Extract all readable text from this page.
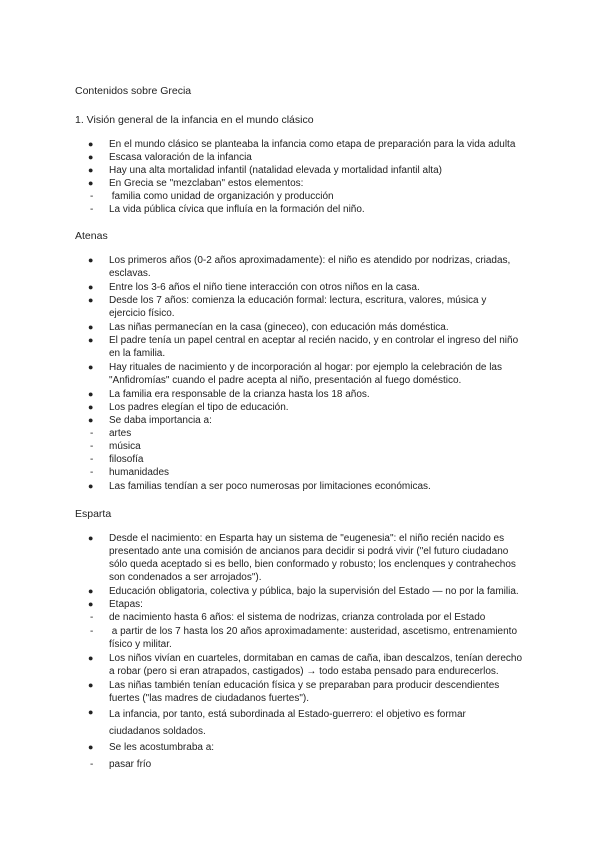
Contenidos sobre Grecia
1. Visión general de la infancia en el mundo clásico
● En el mundo clásico se planteaba la infancia como etapa de preparación para la vida adulta
● Escasa valoración de la infancia
● Hay una alta mortalidad infantil (natalidad elevada y mortalidad infantil alta)
● En Grecia se "mezclaban" estos elementos:
- familia como unidad de organización y producción
- La vida pública cívica que influía en la formación del niño.
Atenas
● Los primeros años (0-2 años aproximadamente): el niño es atendido por nodrizas, criadas, esclavas.
● Entre los 3-6 años el niño tiene interacción con otros niños en la casa.
● Desde los 7 años: comienza la educación formal: lectura, escritura, valores, música y ejercicio físico.
● Las niñas permanecían en la casa (gineceo), con educación más doméstica.
● El padre tenía un papel central en aceptar al recién nacido, y en controlar el ingreso del niño en la familia.
● Hay rituales de nacimiento y de incorporación al hogar: por ejemplo la celebración de las "Anfidromías" cuando el padre acepta al niño, presentación al fuego doméstico.
● La familia era responsable de la crianza hasta los 18 años.
● Los padres elegían el tipo de educación.
● Se daba importancia a:
- artes
- música
- filosofía
- humanidades
● Las familias tendían a ser poco numerosas por limitaciones económicas.
Esparta
● Desde el nacimiento: en Esparta hay un sistema de "eugenesia": el niño recién nacido es presentado ante una comisión de ancianos para decidir si podrá vivir ("el futuro ciudadano sólo queda aceptado si es bello, bien conformado y robusto; los enclenques y contrahechos son condenados a ser arrojados").
● Educación obligatoria, colectiva y pública, bajo la supervisión del Estado — no por la familia.
● Etapas:
- de nacimiento hasta 6 años: el sistema de nodrizas, crianza controlada por el Estado
- a partir de los 7 hasta los 20 años aproximadamente: austeridad, ascetismo, entrenamiento físico y militar.
● Los niños vivían en cuarteles, dormitaban en camas de caña, iban descalzos, tenían derecho a robar (pero si eran atrapados, castigados) → todo estaba pensado para endurecerlos.
● Las niñas también tenían educación física y se preparaban para producir descendientes fuertes ("las madres de ciudadanos fuertes").
● La infancia, por tanto, está subordinada al Estado-guerrero: el objetivo es formar ciudadanos soldados.
● Se les acostumbraba a:
- pasar frío
